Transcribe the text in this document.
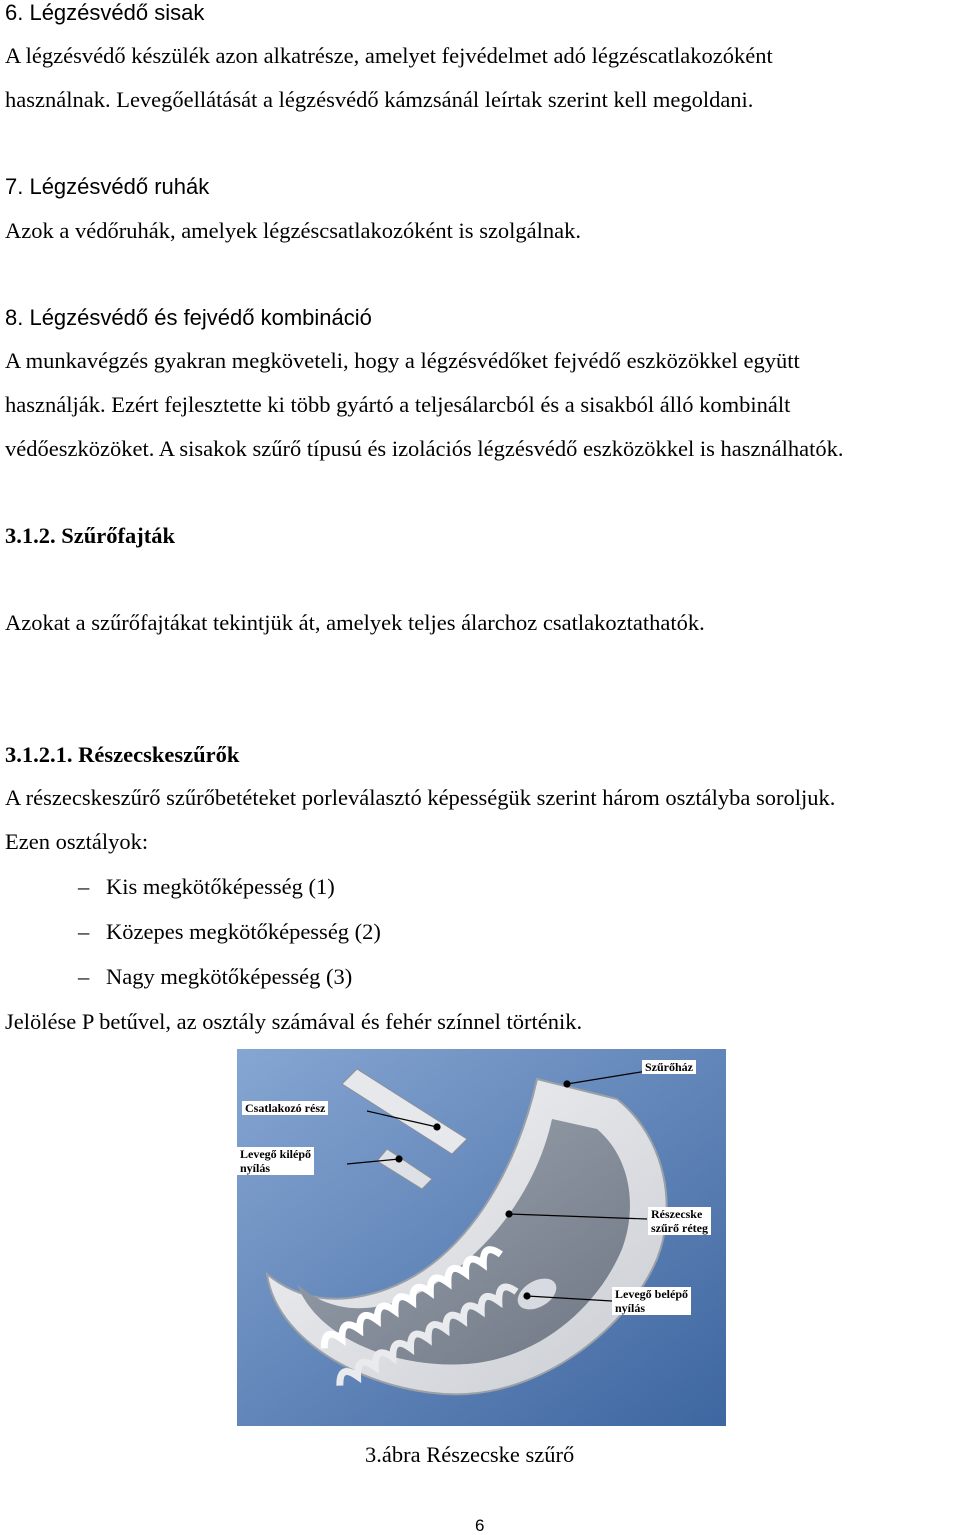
6. Légzésvédő sisak
A légzésvédő készülék azon alkatrésze, amelyet fejvédelmet adó légzéscatlakozóként
használnak. Levegőellátását a légzésvédő kámzsánál leírtak szerint kell megoldani.
7. Légzésvédő ruhák
Azok a védőruhák, amelyek légzéscsatlakozóként is szolgálnak.
8. Légzésvédő és fejvédő kombináció
A munkavégzés gyakran megköveteli, hogy a légzésvédőket fejvédő eszközökkel együtt
használják. Ezért fejlesztette ki több gyártó a teljesálarcból és a sisakból álló kombinált
védőeszközöket. A sisakok szűrő típusú és izolációs légzésvédő eszközökkel is használhatók.
3.1.2. Szűrőfajták
Azokat a szűrőfajtákat tekintjük át, amelyek teljes álarchoz csatlakoztathatók.
3.1.2.1. Részecskeszűrők
A részecskeszűrő szűrőbetéteket porleválasztó képességük szerint három osztályba soroljuk.
Ezen osztályok:
– Kis megkötőképesség (1)
– Közepes megkötőképesség (2)
– Nagy megkötőképesség (3)
Jelölése P betűvel, az osztály számával és fehér színnel történik.
Szűrőház
Csatlakozó rész
Levegő kilépő
nyílás
Részecske
szűrő réteg
Levegő belépő
nyílás
3.ábra Részecske szűrő
6
